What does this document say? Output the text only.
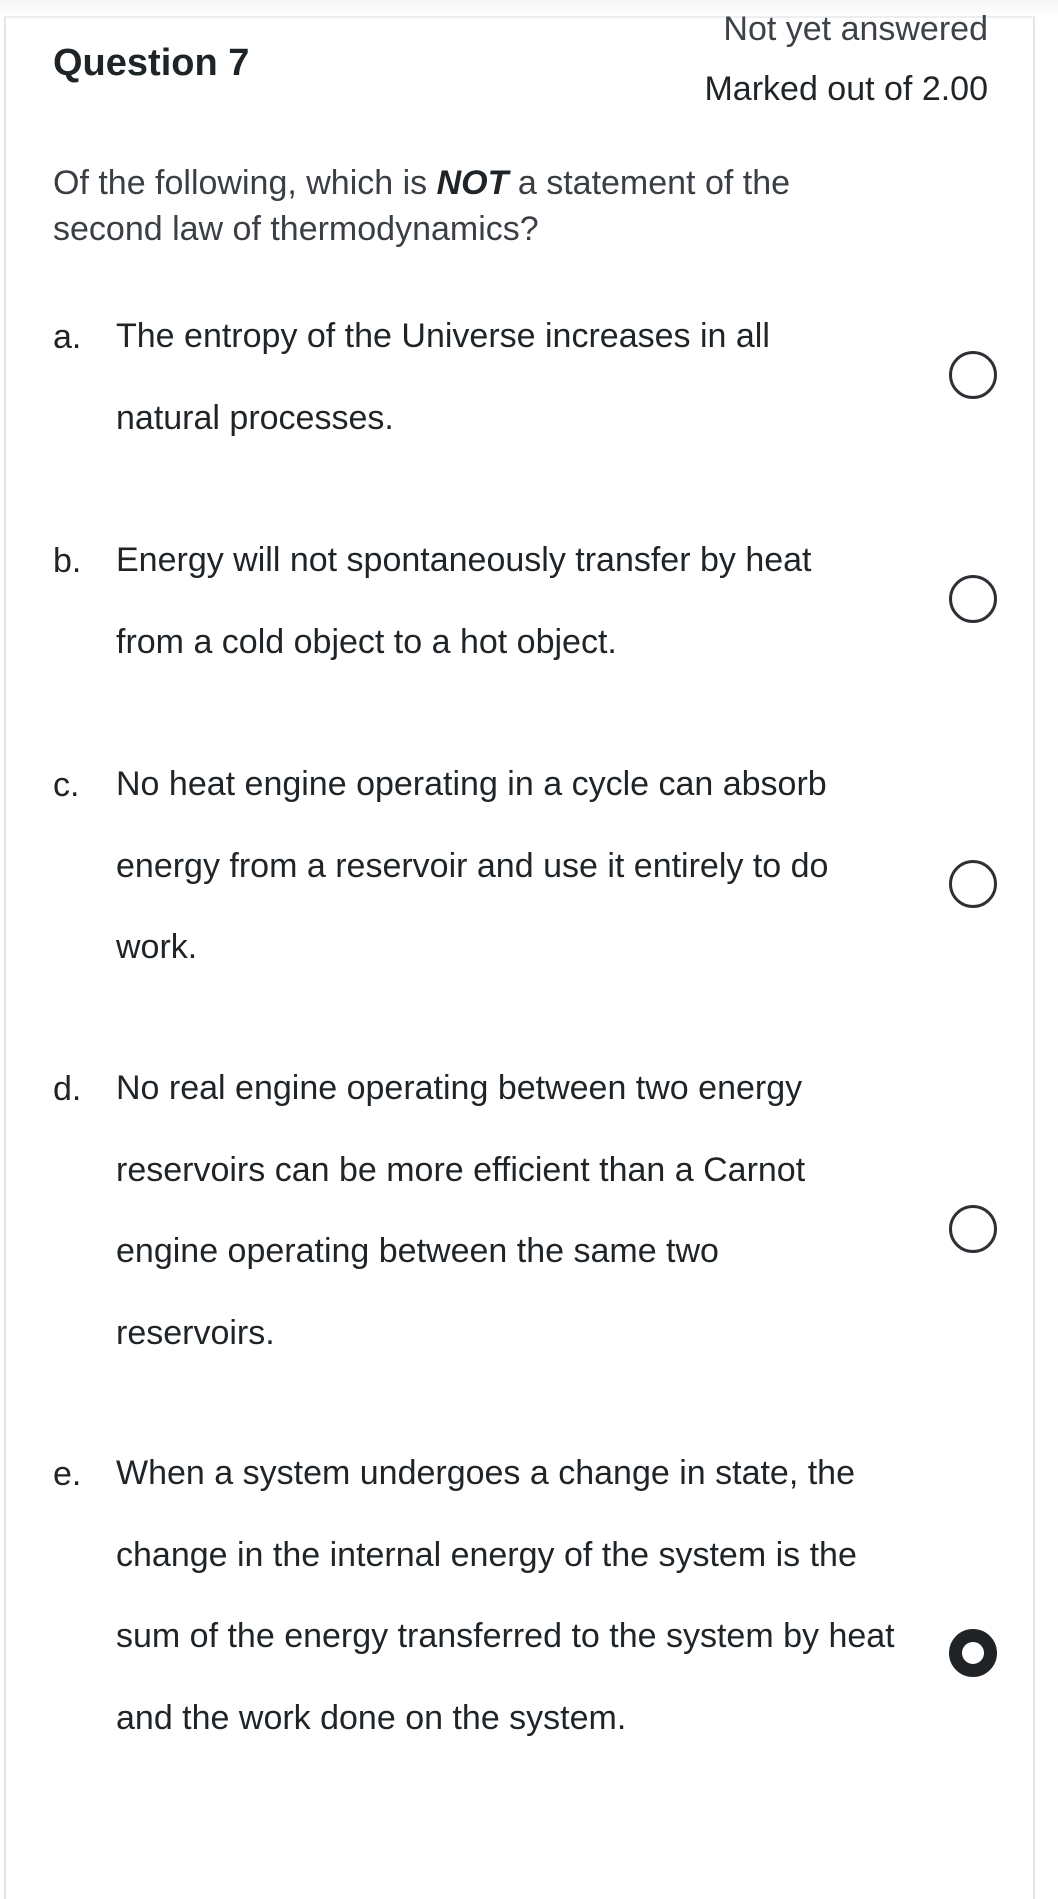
Not yet answered
Question 7
Marked out of 2.00
Of the following, which is NOT a statement of the second law of thermodynamics?
a. The entropy of the Universe increases in all natural processes.
b. Energy will not spontaneously transfer by heat from a cold object to a hot object.
c. No heat engine operating in a cycle can absorb energy from a reservoir and use it entirely to do work.
d. No real engine operating between two energy reservoirs can be more efficient than a Carnot engine operating between the same two reservoirs.
e. When a system undergoes a change in state, the change in the internal energy of the system is the sum of the energy transferred to the system by heat and the work done on the system.
